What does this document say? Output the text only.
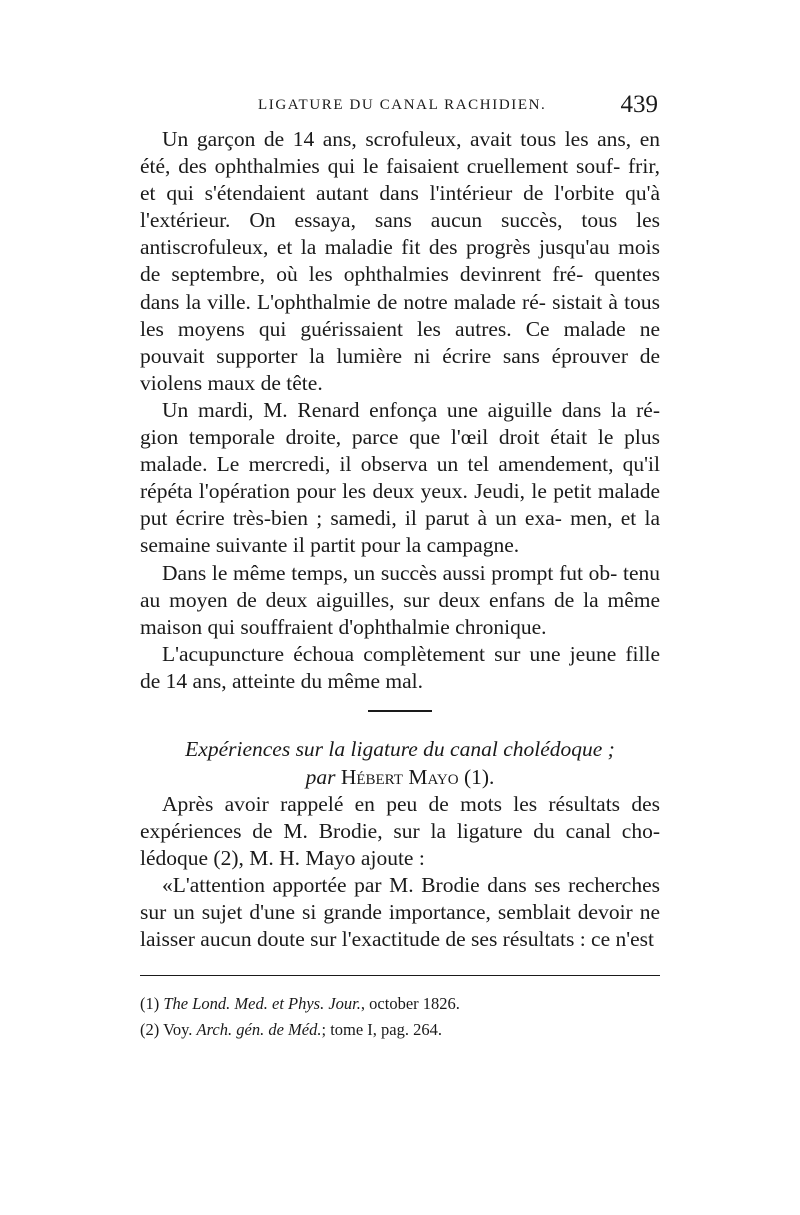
LIGATURE DU CANAL RACHIDIEN.	439

Un garçon de 14 ans, scrofuleux, avait tous les ans, en été, des ophthalmies qui le faisaient cruellement souf- frir, et qui s'étendaient autant dans l'intérieur de l'orbite qu'à l'extérieur. On essaya, sans aucun succès, tous les antiscrofuleux, et la maladie fit des progrès jusqu'au mois de septembre, où les ophthalmies devinrent fré- quentes dans la ville. L'ophthalmie de notre malade ré- sistait à tous les moyens qui guérissaient les autres. Ce malade ne pouvait supporter la lumière ni écrire sans éprouver de violens maux de tête.

Un mardi, M. Renard enfonça une aiguille dans la ré- gion temporale droite, parce que l'œil droit était le plus malade. Le mercredi, il observa un tel amendement, qu'il répéta l'opération pour les deux yeux. Jeudi, le petit malade put écrire très-bien ; samedi, il parut à un exa- men, et la semaine suivante il partit pour la campagne.

Dans le même temps, un succès aussi prompt fut ob- tenu au moyen de deux aiguilles, sur deux enfans de la même maison qui souffraient d'ophthalmie chronique.

L'acupuncture échoua complètement sur une jeune fille de 14 ans, atteinte du même mal.

Expériences sur la ligature du canal cholédoque ;
par Hébert Mayo (1).

Après avoir rappelé en peu de mots les résultats des expériences de M. Brodie, sur la ligature du canal cho- lédoque (2), M. H. Mayo ajoute :

«L'attention apportée par M. Brodie dans ses recherches sur un sujet d'une si grande importance, semblait devoir ne laisser aucun doute sur l'exactitude de ses résultats : ce n'est

(1) The Lond. Med. et Phys. Jour., october 1826.
(2) Voy. Arch. gén. de Méd.; tome I, pag. 264.
